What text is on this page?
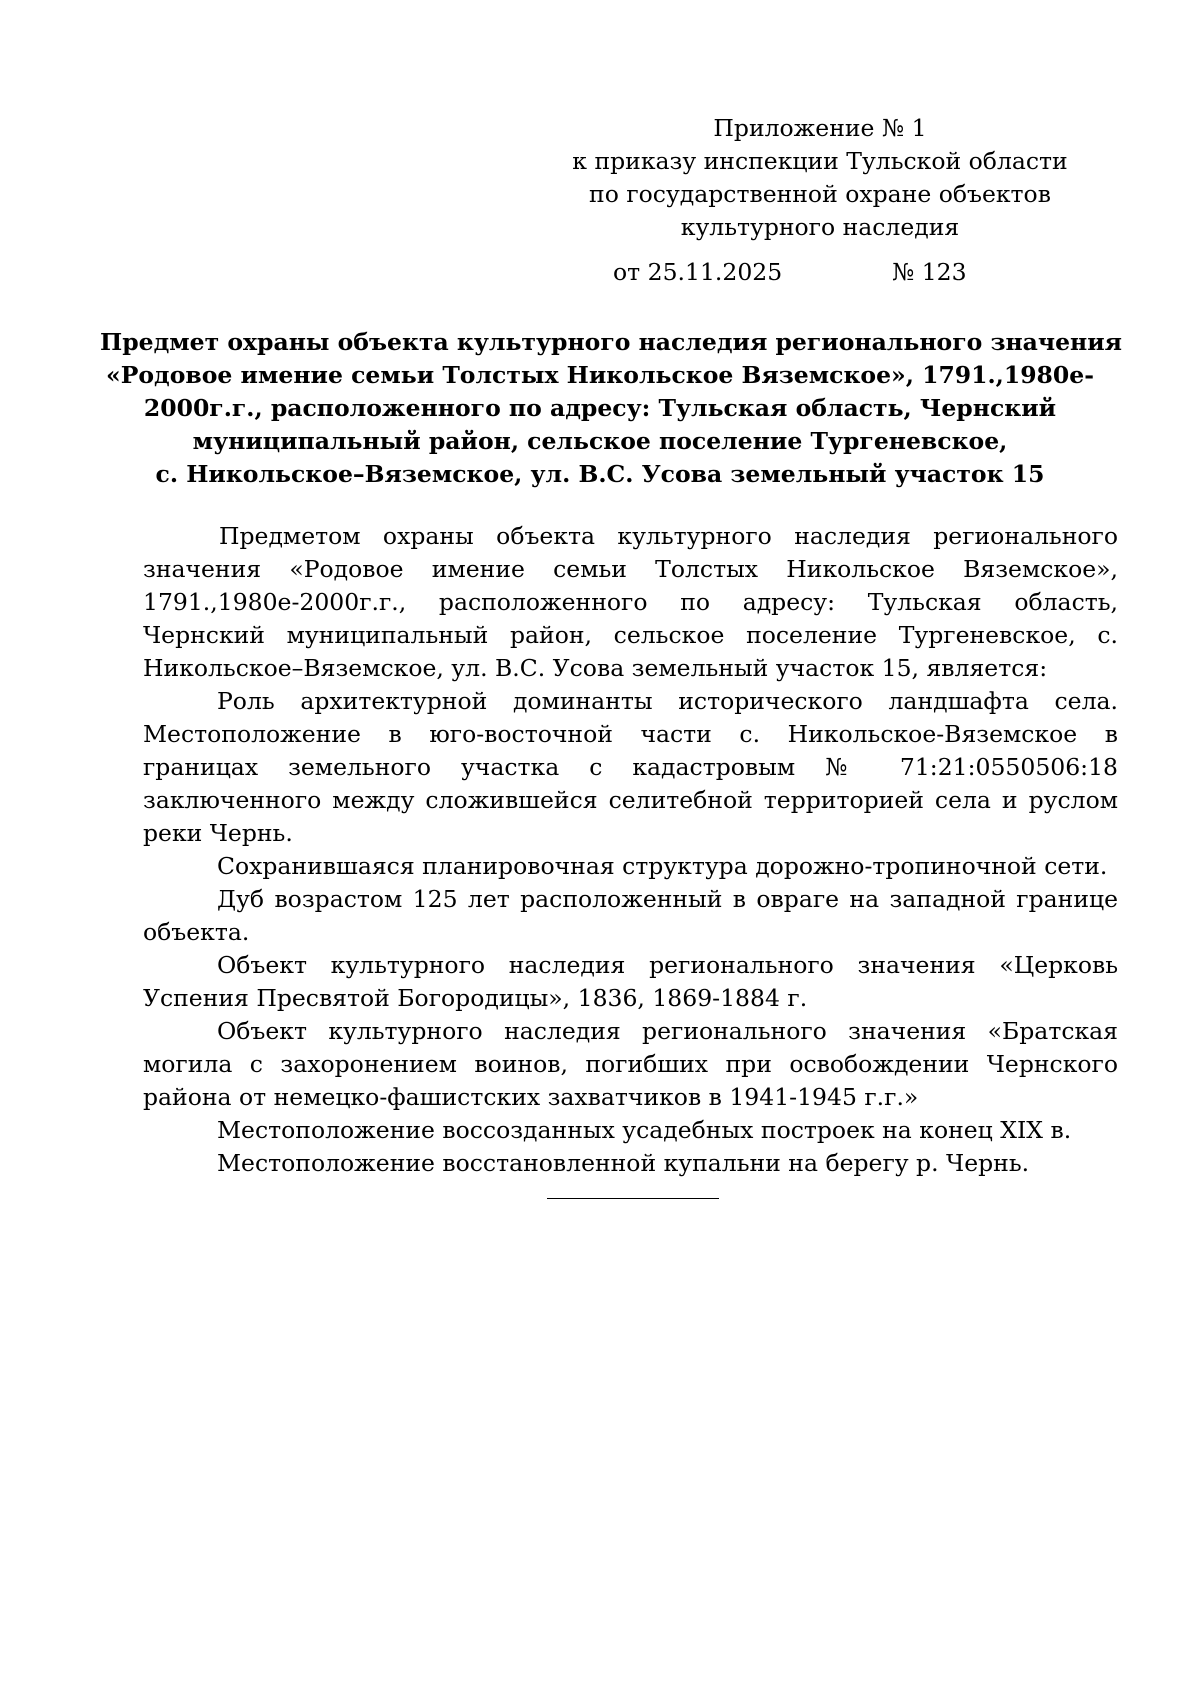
Приложение № 1
к приказу инспекции Тульской области
по государственной охране объектов
культурного наследия
от 25.11.2025	№ 123
Предмет охраны объекта культурного наследия регионального значения
«Родовое имение семьи Толстых Никольское Вяземское», 1791.,1980е-
2000г.г., расположенного по адресу: Тульская область, Чернский
муниципальный район, сельское поселение Тургеневское,
с. Никольское–Вяземское, ул. В.С. Усова земельный участок 15

Предметом охраны объекта культурного наследия регионального значения «Родовое имение семьи Толстых Никольское Вяземское», 1791.,1980е-2000г.г., расположенного по адресу: Тульская область, Чернский муниципальный район, сельское поселение Тургеневское, с. Никольское–Вяземское, ул. В.С. Усова земельный участок 15, является:

Роль архитектурной доминанты исторического ландшафта села. Местоположение в юго-восточной части с. Никольское-Вяземское в границах земельного участка с кадастровым № 71:21:0550506:18 заключенного между сложившейся селитебной территорией села и руслом реки Чернь.

Сохранившаяся планировочная структура дорожно-тропиночной сети.

Дуб возрастом 125 лет расположенный в овраге на западной границе объекта.

Объект культурного наследия регионального значения «Церковь Успения Пресвятой Богородицы», 1836, 1869-1884 г.

Объект культурного наследия регионального значения «Братская могила с захоронением воинов, погибших при освобождении Чернского района от немецко-фашистских захватчиков в 1941-1945 г.г.»

Местоположение воссозданных усадебных построек на конец XIX в.

Местоположение восстановленной купальни на берегу р. Чернь.
